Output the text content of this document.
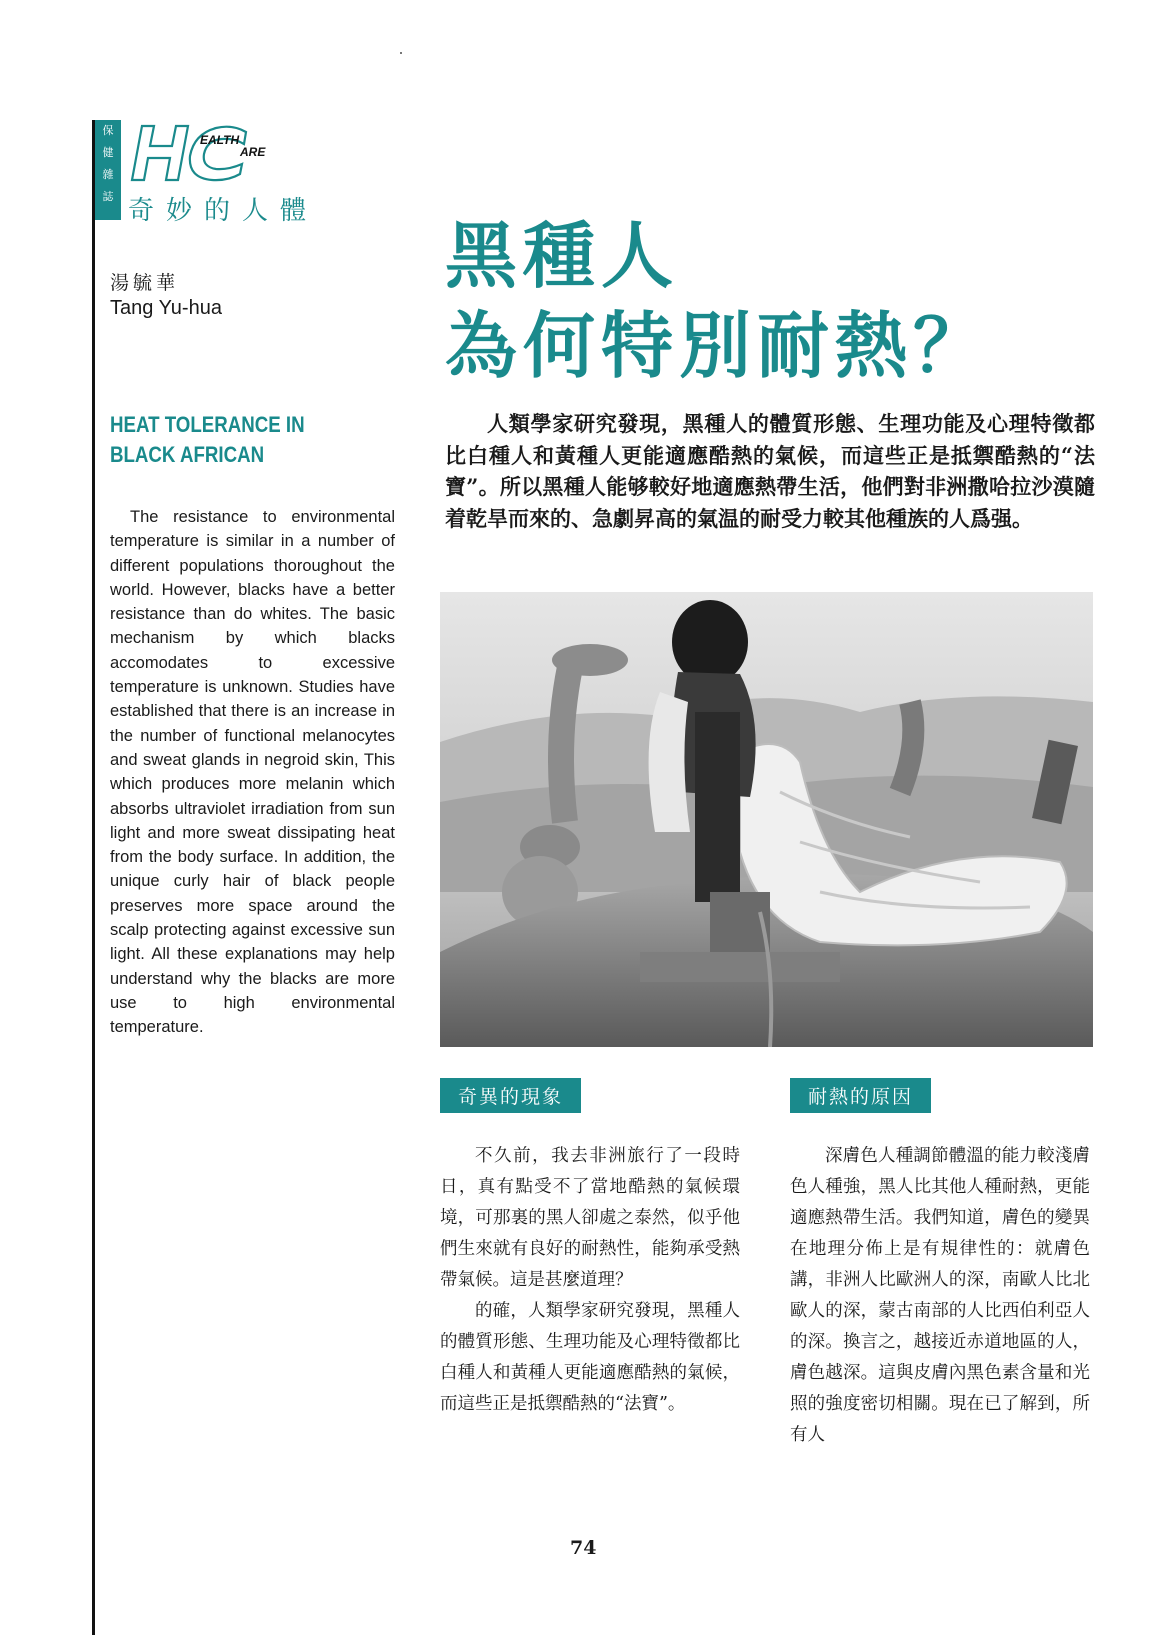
保
健
雜
誌
EALTH
ARE
奇妙的人體
湯毓華
Tang Yu-hua
黑種人
為何特別耐熱？
HEAT TOLERANCE IN BLACK AFRICAN
The resistance to environmental temperature is similar in a number of different populations thoroughout the world. However, blacks have a better resistance than do whites. The basic mechanism by which blacks accomodates to excessive temperature is unknown. Studies have established that there is an increase in the number of functional melanocytes and sweat glands in negroid skin, This which produces more melanin which absorbs ultraviolet irradiation from sun light and more sweat dissipating heat from the body surface. In addition, the unique curly hair of black people preserves more space around the scalp protecting against excessive sun light. All these explanations may help understand why the blacks are more use to high environmental temperature.
人類學家研究發現，黑種人的體質形態、生理功能及心理特徵都比白種人和黃種人更能適應酷熱的氣候，而這些正是抵禦酷熱的“法寶”。所以黑種人能够較好地適應熱帶生活，他們對非洲撒哈拉沙漠隨着乾旱而來的、急劇昇高的氣温的耐受力較其他種族的人爲强。
奇異的現象

不久前，我去非洲旅行了一段時日，真有點受不了當地酷熱的氣候環境，可那裏的黑人卻處之泰然，似乎他們生來就有良好的耐熱性，能夠承受熱帶氣候。這是甚麼道理？

的確，人類學家研究發現，黑種人的體質形態、生理功能及心理特徵都比白種人和黃種人更能適應酷熱的氣候，而這些正是抵禦酷熱的“法寶”。

耐熱的原因

深膚色人種調節體溫的能力較淺膚色人種強，黑人比其他人種耐熱，更能適應熱帶生活。我們知道，膚色的變異在地理分佈上是有規律性的：就膚色講，非洲人比歐洲人的深，南歐人比北歐人的深，蒙古南部的人比西伯利亞人的深。換言之，越接近赤道地區的人，膚色越深。這與皮膚內黑色素含量和光照的強度密切相關。現在已了解到，所有人

74
